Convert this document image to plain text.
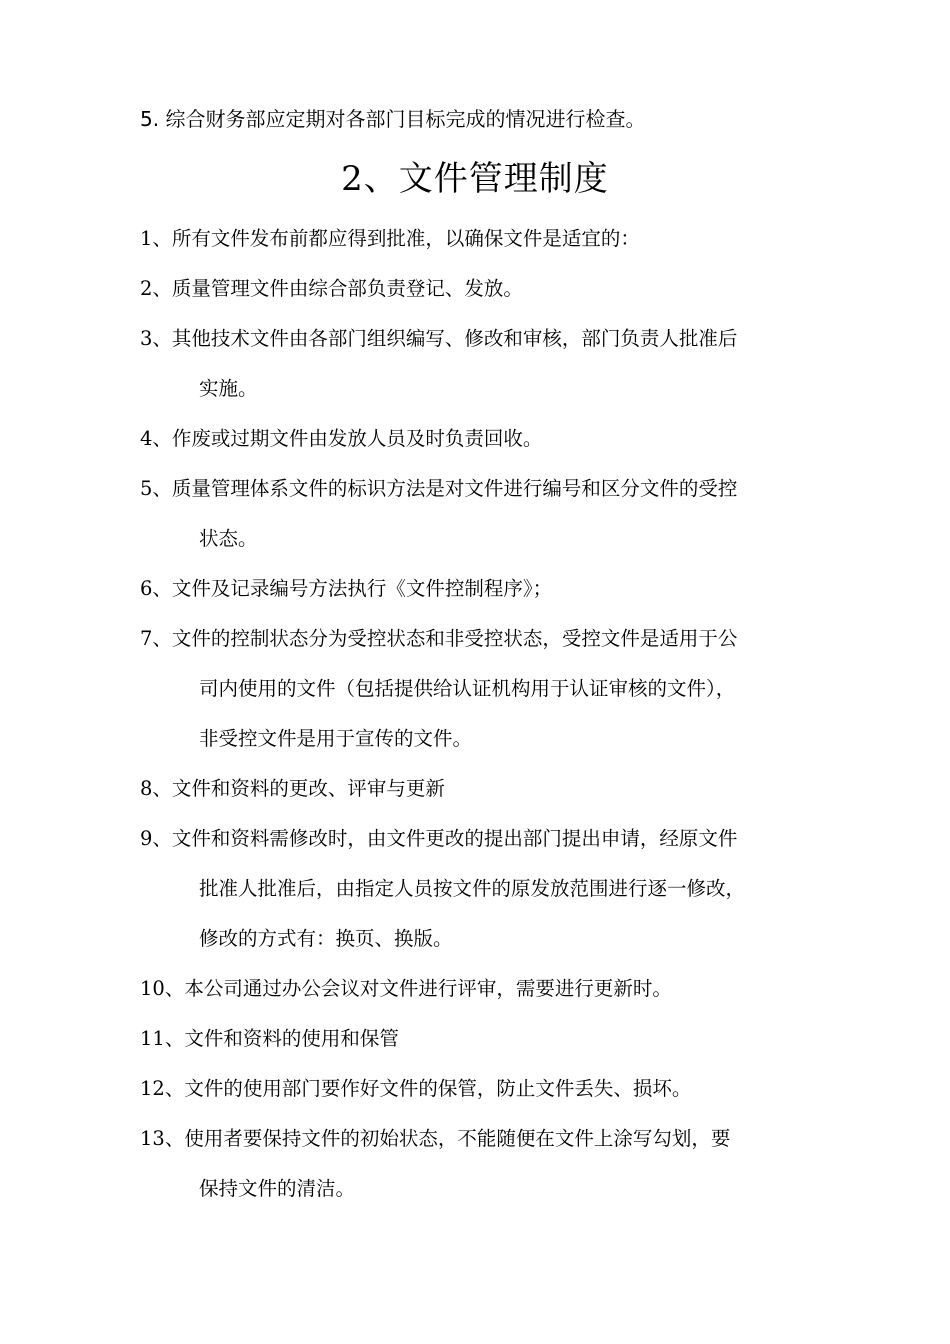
5. 综合财务部应定期对各部门目标完成的情况进行检查。
2、文件管理制度

1、所有文件发布前都应得到批准，以确保文件是适宜的：

2、质量管理文件由综合部负责登记、发放。

3、其他技术文件由各部门组织编写、修改和审核，部门负责人批准后
实施。

4、作废或过期文件由发放人员及时负责回收。

5、质量管理体系文件的标识方法是对文件进行编号和区分文件的受控
状态。

6、文件及记录编号方法执行《文件控制程序》；

7、文件的控制状态分为受控状态和非受控状态，受控文件是适用于公
司内使用的文件（包括提供给认证机构用于认证审核的文件），
非受控文件是用于宣传的文件。

8、文件和资料的更改、评审与更新

9、文件和资料需修改时，由文件更改的提出部门提出申请，经原文件
批准人批准后，由指定人员按文件的原发放范围进行逐一修改，
修改的方式有：换页、换版。

10、本公司通过办公会议对文件进行评审，需要进行更新时。

11、文件和资料的使用和保管

12、文件的使用部门要作好文件的保管，防止文件丢失、损坏。

13、使用者要保持文件的初始状态，不能随便在文件上涂写勾划，要
保持文件的清洁。
